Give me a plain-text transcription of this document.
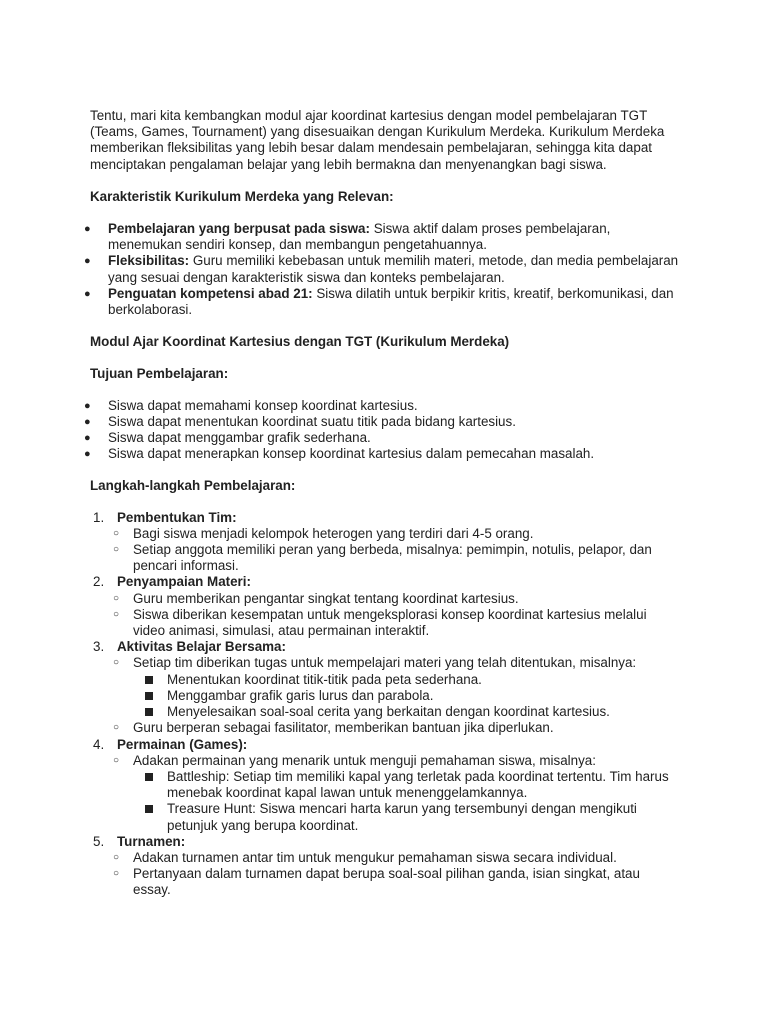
Tentu, mari kita kembangkan modul ajar koordinat kartesius dengan model pembelajaran TGT (Teams, Games, Tournament) yang disesuaikan dengan Kurikulum Merdeka. Kurikulum Merdeka memberikan fleksibilitas yang lebih besar dalam mendesain pembelajaran, sehingga kita dapat menciptakan pengalaman belajar yang lebih bermakna dan menyenangkan bagi siswa.

Karakteristik Kurikulum Merdeka yang Relevan:

●	Pembelajaran yang berpusat pada siswa: Siswa aktif dalam proses pembelajaran, menemukan sendiri konsep, dan membangun pengetahuannya.
●	Fleksibilitas: Guru memiliki kebebasan untuk memilih materi, metode, dan media pembelajaran yang sesuai dengan karakteristik siswa dan konteks pembelajaran.
●	Penguatan kompetensi abad 21: Siswa dilatih untuk berpikir kritis, kreatif, berkomunikasi, dan berkolaborasi.

Modul Ajar Koordinat Kartesius dengan TGT (Kurikulum Merdeka)

Tujuan Pembelajaran:

●	Siswa dapat memahami konsep koordinat kartesius.
●	Siswa dapat menentukan koordinat suatu titik pada bidang kartesius.
●	Siswa dapat menggambar grafik sederhana.
●	Siswa dapat menerapkan konsep koordinat kartesius dalam pemecahan masalah.

Langkah-langkah Pembelajaran:

1. Pembentukan Tim:
○ Bagi siswa menjadi kelompok heterogen yang terdiri dari 4-5 orang.
○ Setiap anggota memiliki peran yang berbeda, misalnya: pemimpin, notulis, pelapor, dan pencari informasi.
2. Penyampaian Materi:
○ Guru memberikan pengantar singkat tentang koordinat kartesius.
○ Siswa diberikan kesempatan untuk mengeksplorasi konsep koordinat kartesius melalui video animasi, simulasi, atau permainan interaktif.
3. Aktivitas Belajar Bersama:
○ Setiap tim diberikan tugas untuk mempelajari materi yang telah ditentukan, misalnya:
Menentukan koordinat titik-titik pada peta sederhana.
Menggambar grafik garis lurus dan parabola.
Menyelesaikan soal-soal cerita yang berkaitan dengan koordinat kartesius.
○ Guru berperan sebagai fasilitator, memberikan bantuan jika diperlukan.
4. Permainan (Games):
○ Adakan permainan yang menarik untuk menguji pemahaman siswa, misalnya:
Battleship: Setiap tim memiliki kapal yang terletak pada koordinat tertentu. Tim harus menebak koordinat kapal lawan untuk menenggelamkannya.
Treasure Hunt: Siswa mencari harta karun yang tersembunyi dengan mengikuti petunjuk yang berupa koordinat.
5. Turnamen:
○ Adakan turnamen antar tim untuk mengukur pemahaman siswa secara individual.
○ Pertanyaan dalam turnamen dapat berupa soal-soal pilihan ganda, isian singkat, atau essay.
